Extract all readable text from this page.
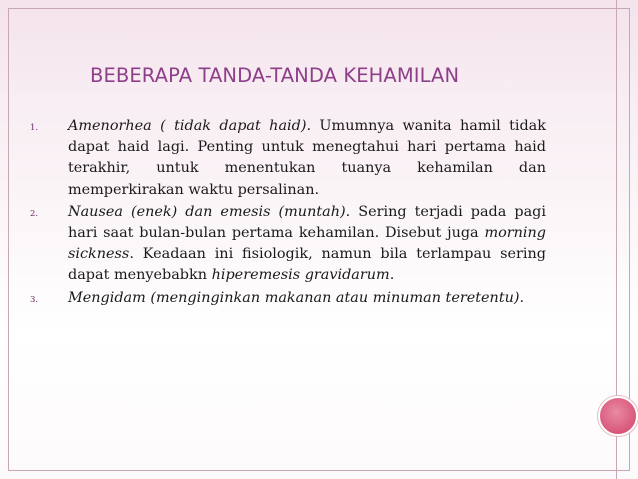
BEBERAPA TANDA-TANDA KEHAMILAN
1.	Amenorhea ( tidak dapat haid). Umumnya wanita hamil tidak dapat haid lagi. Penting untuk menegtahui hari pertama haid terakhir, untuk menentukan tuanya kehamilan dan memperkirakan waktu persalinan.
2.	Nausea (enek) dan emesis (muntah). Sering terjadi pada pagi hari saat bulan-bulan pertama kehamilan. Disebut juga morning sickness. Keadaan ini fisiologik, namun bila terlampau sering dapat menyebabkn hiperemesis gravidarum.
3.	Mengidam (menginginkan makanan atau minuman teretentu).
